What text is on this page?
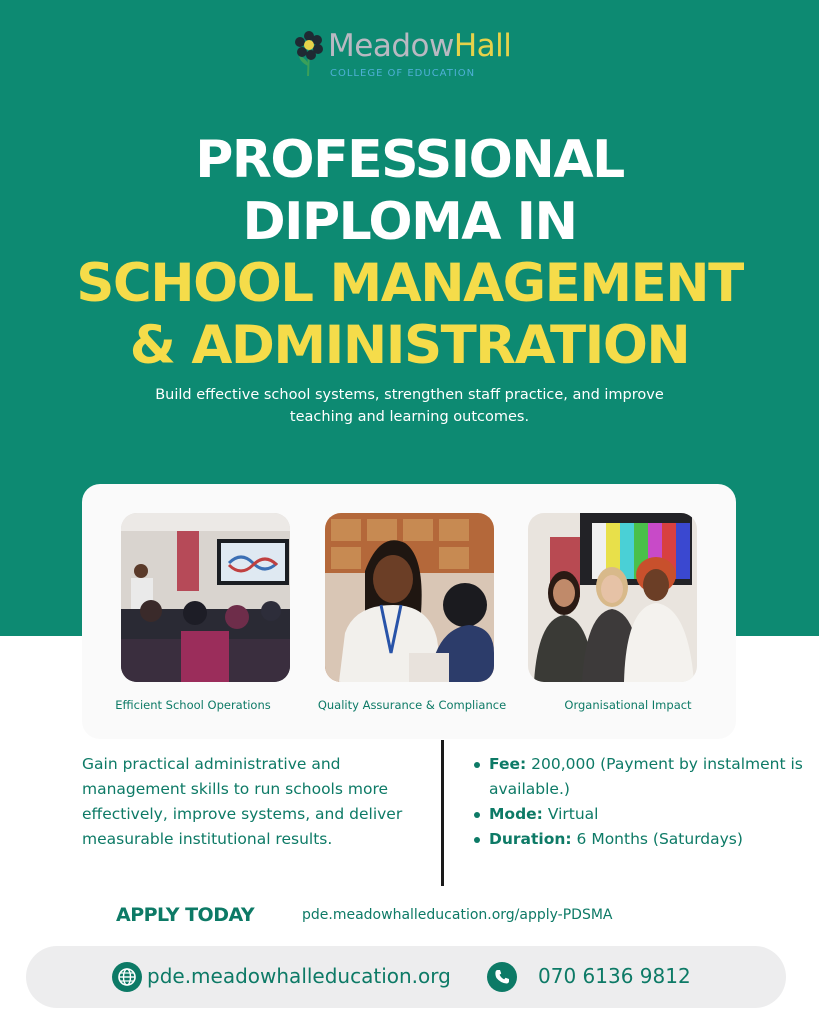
MeadowHall
COLLEGE OF EDUCATION
PROFESSIONAL
DIPLOMA IN
SCHOOL MANAGEMENT
& ADMINISTRATION
Build effective school systems, strengthen staff practice, and improve
teaching and learning outcomes.
Efficient School Operations	Quality Assurance & Compliance	Organisational Impact
Gain practical administrative and management skills to run schools more effectively, improve systems, and deliver measurable institutional results.
Fee: 200,000 (Payment by instalment is available.)
Mode: Virtual
Duration: 6 Months (Saturdays)
APPLY TODAY	pde.meadowhalleducation.org/apply-PDSMA
pde.meadowhalleducation.org	070 6136 9812
